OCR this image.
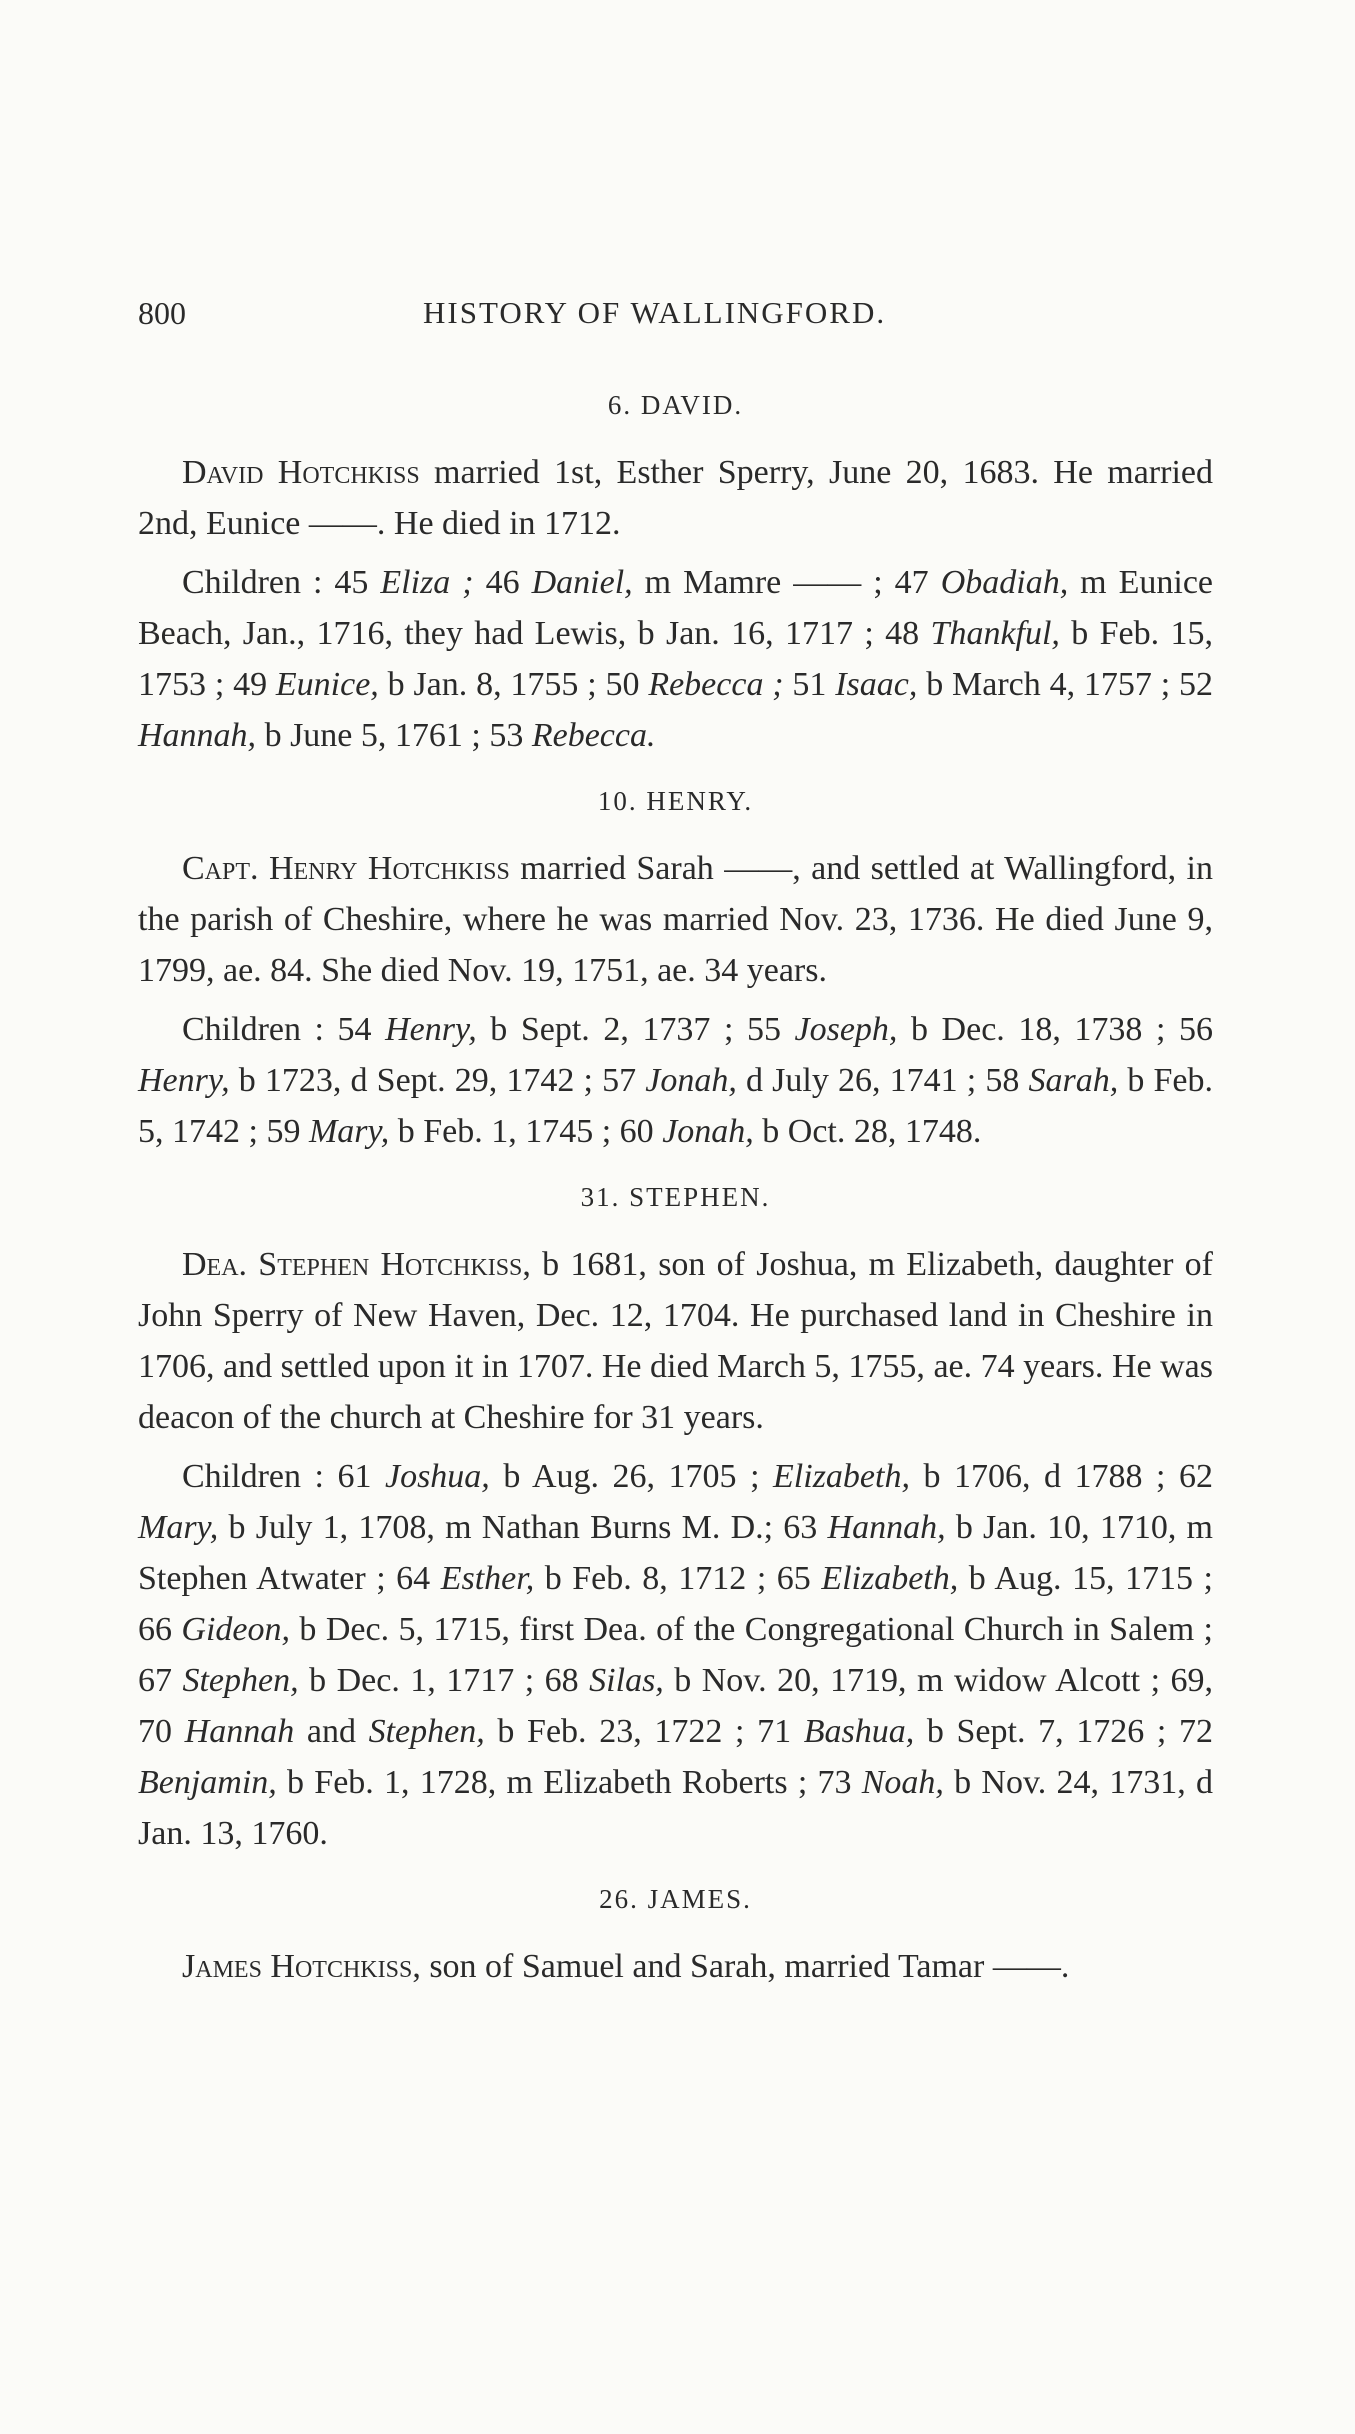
800	HISTORY OF WALLINGFORD.
6. DAVID.

David Hotchkiss married 1st, Esther Sperry, June 20, 1683. He married 2nd, Eunice ——. He died in 1712.

Children : 45 Eliza ; 46 Daniel, m Mamre —— ; 47 Obadiah, m Eunice Beach, Jan., 1716, they had Lewis, b Jan. 16, 1717 ; 48 Thankful, b Feb. 15, 1753 ; 49 Eunice, b Jan. 8, 1755 ; 50 Rebecca ; 51 Isaac, b March 4, 1757 ; 52 Hannah, b June 5, 1761 ; 53 Rebecca.

10. HENRY.

Capt. Henry Hotchkiss married Sarah ——, and settled at Wallingford, in the parish of Cheshire, where he was married Nov. 23, 1736. He died June 9, 1799, ae. 84. She died Nov. 19, 1751, ae. 34 years.

Children : 54 Henry, b Sept. 2, 1737 ; 55 Joseph, b Dec. 18, 1738 ; 56 Henry, b 1723, d Sept. 29, 1742 ; 57 Jonah, d July 26, 1741 ; 58 Sarah, b Feb. 5, 1742 ; 59 Mary, b Feb. 1, 1745 ; 60 Jonah, b Oct. 28, 1748.

31. STEPHEN.

Dea. Stephen Hotchkiss, b 1681, son of Joshua, m Elizabeth, daughter of John Sperry of New Haven, Dec. 12, 1704. He purchased land in Cheshire in 1706, and settled upon it in 1707. He died March 5, 1755, ae. 74 years. He was deacon of the church at Cheshire for 31 years.

Children : 61 Joshua, b Aug. 26, 1705 ; Elizabeth, b 1706, d 1788 ; 62 Mary, b July 1, 1708, m Nathan Burns M. D.; 63 Hannah, b Jan. 10, 1710, m Stephen Atwater ; 64 Esther, b Feb. 8, 1712 ; 65 Elizabeth, b Aug. 15, 1715 ; 66 Gideon, b Dec. 5, 1715, first Dea. of the Congregational Church in Salem ; 67 Stephen, b Dec. 1, 1717 ; 68 Silas, b Nov. 20, 1719, m widow Alcott ; 69, 70 Hannah and Stephen, b Feb. 23, 1722 ; 71 Bashua, b Sept. 7, 1726 ; 72 Benjamin, b Feb. 1, 1728, m Elizabeth Roberts ; 73 Noah, b Nov. 24, 1731, d Jan. 13, 1760.

26. JAMES.

James Hotchkiss, son of Samuel and Sarah, married Tamar ——.
